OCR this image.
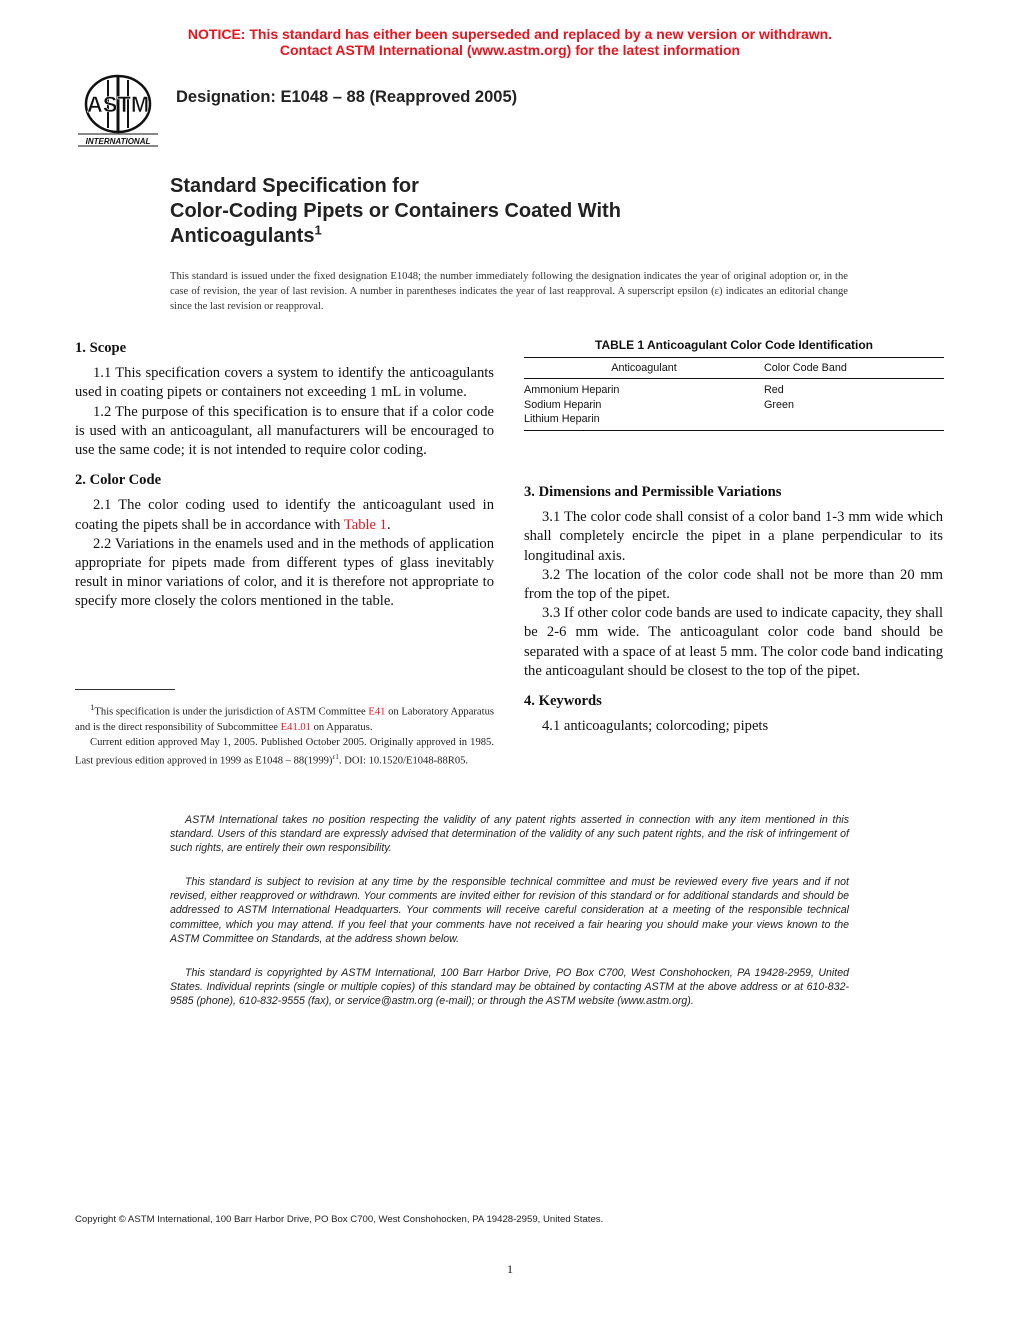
NOTICE: This standard has either been superseded and replaced by a new version or withdrawn.
Contact ASTM International (www.astm.org) for the latest information
ASTM
INTERNATIONAL
Designation: E1048 – 88 (Reapproved 2005)
Standard Specification for
Color-Coding Pipets or Containers Coated With
Anticoagulants$^1$
This standard is issued under the fixed designation E1048; the number immediately following the designation indicates the year of original adoption or, in the case of revision, the year of last revision. A number in parentheses indicates the year of last reapproval. A superscript epsilon (ε) indicates an editorial change since the last revision or reapproval.

1. Scope

1.1 This specification covers a system to identify the anticoagulants used in coating pipets or containers not exceeding 1 mL in volume.

1.2 The purpose of this specification is to ensure that if a color code is used with an anticoagulant, all manufacturers will be encouraged to use the same code; it is not intended to require color coding.

2. Color Code

2.1 The color coding used to identify the anticoagulant used in coating the pipets shall be in accordance with Table 1.

2.2 Variations in the enamels used and in the methods of application appropriate for pipets made from different types of glass inevitably result in minor variations of color, and it is therefore not appropriate to specify more closely the colors mentioned in the table.

$^1$This specification is under the jurisdiction of ASTM Committee E41 on Laboratory Apparatus and is the direct responsibility of Subcommittee E41.01 on Apparatus.

Current edition approved May 1, 2005. Published October 2005. Originally approved in 1985. Last previous edition approved in 1999 as $E1048 - 88(1999)^{\varepsilon 1}$. DOI: 10.1520/E1048-88R05.

TABLE 1 Anticoagulant Color Code Identification
Anticoagulant	Color Code Band
Ammonium Heparin	Red
Sodium Heparin	Green
Lithium Heparin

3. Dimensions and Permissible Variations

3.1 The color code shall consist of a color band 1-3 mm wide which shall completely encircle the pipet in a plane perpendicular to its longitudinal axis.

3.2 The location of the color code shall not be more than 20 mm from the top of the pipet.

3.3 If other color code bands are used to indicate capacity, they shall be 2-6 mm wide. The anticoagulant color code band should be separated with a space of at least 5 mm. The color code band indicating the anticoagulant should be closest to the top of the pipet.

4. Keywords

4.1 anticoagulants; colorcoding; pipets

ASTM International takes no position respecting the validity of any patent rights asserted in connection with any item mentioned in this standard. Users of this standard are expressly advised that determination of the validity of any such patent rights, and the risk of infringement of such rights, are entirely their own responsibility.

This standard is subject to revision at any time by the responsible technical committee and must be reviewed every five years and if not revised, either reapproved or withdrawn. Your comments are invited either for revision of this standard or for additional standards and should be addressed to ASTM International Headquarters. Your comments will receive careful consideration at a meeting of the responsible technical committee, which you may attend. If you feel that your comments have not received a fair hearing you should make your views known to the ASTM Committee on Standards, at the address shown below.

This standard is copyrighted by ASTM International, 100 Barr Harbor Drive, PO Box C700, West Conshohocken, PA 19428-2959, United States. Individual reprints (single or multiple copies) of this standard may be obtained by contacting ASTM at the above address or at 610-832-9585 (phone), 610-832-9555 (fax), or service@astm.org (e-mail); or through the ASTM website (www.astm.org).

Copyright © ASTM International, 100 Barr Harbor Drive, PO Box C700, West Conshohocken, PA 19428-2959, United States.
1
